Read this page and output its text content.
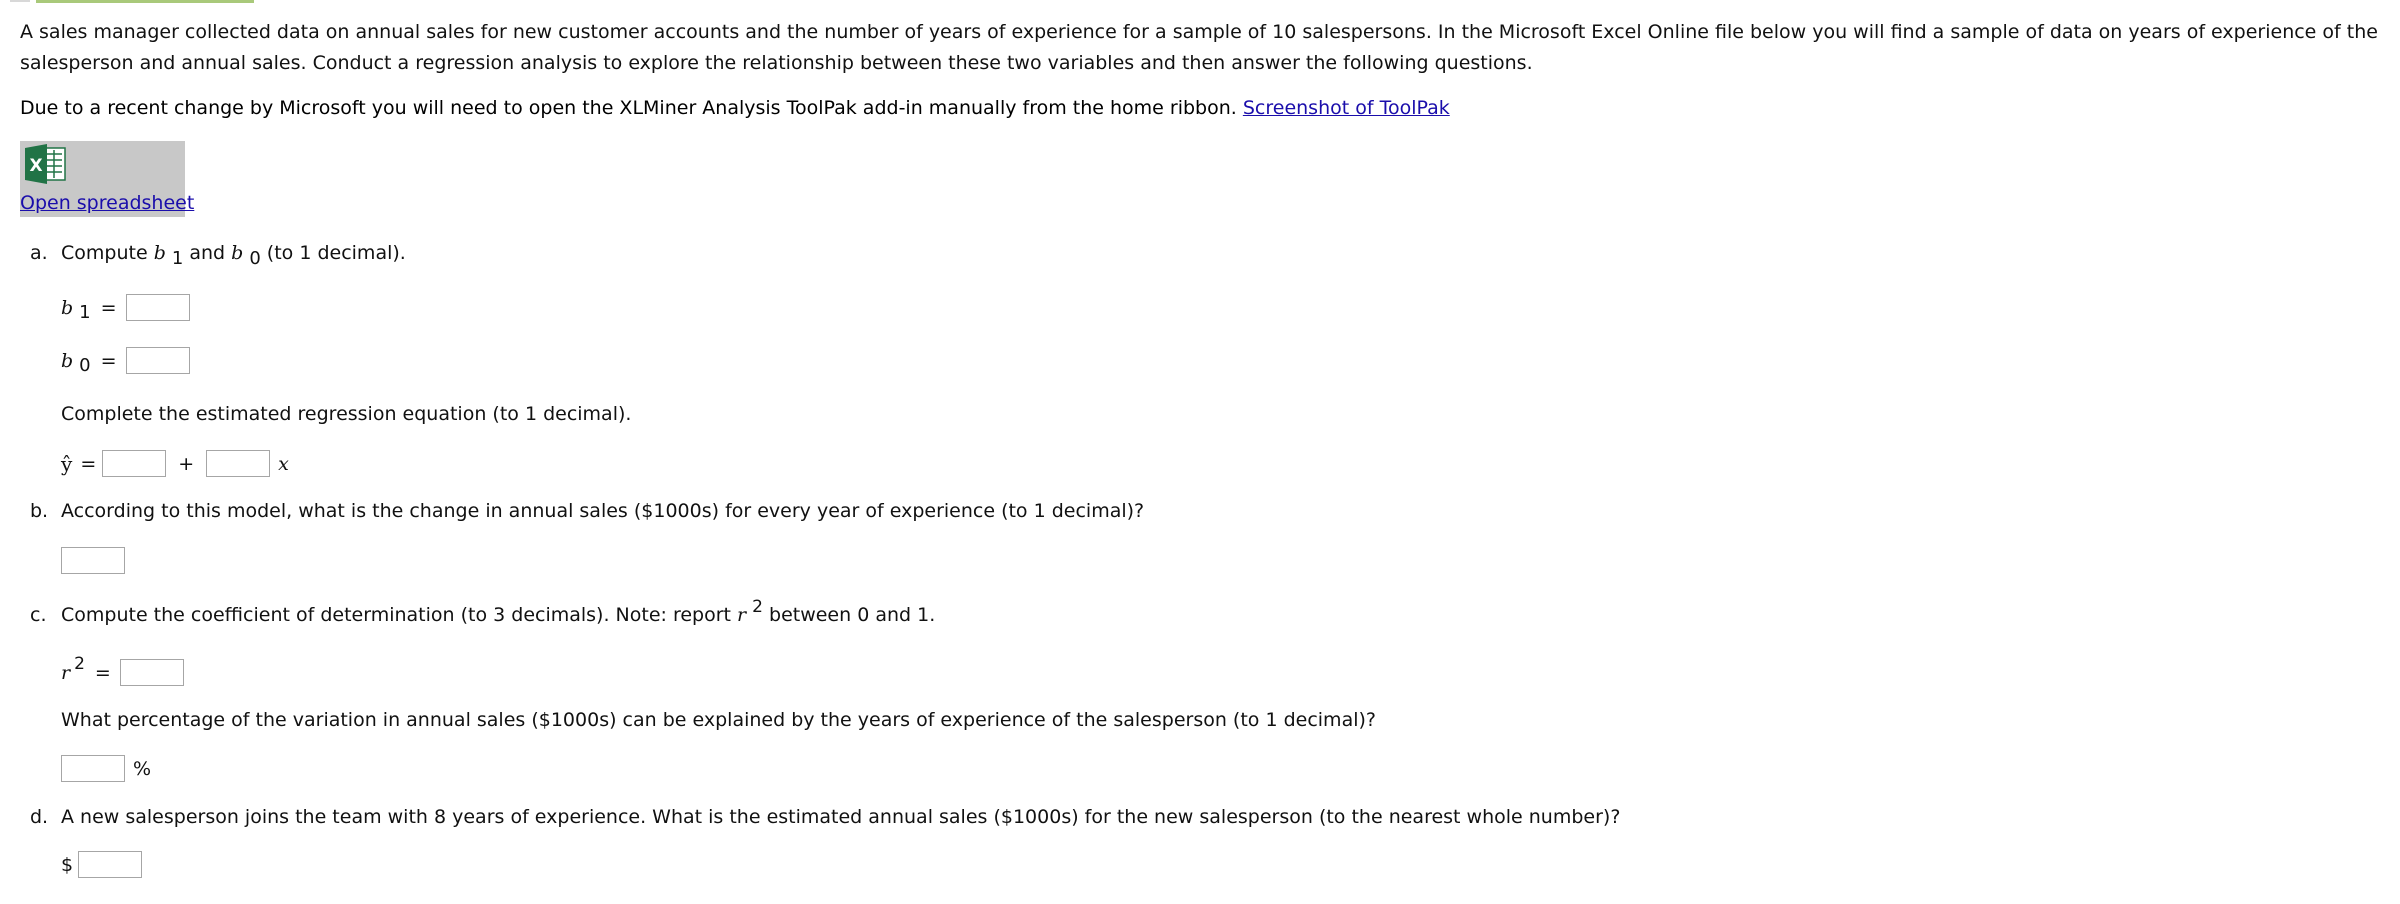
A sales manager collected data on annual sales for new customer accounts and the number of years of experience for a sample of 10 salespersons. In the Microsoft Excel Online file below you will find a sample of data on years of experience of the salesperson and annual sales. Conduct a regression analysis to explore the relationship between these two variables and then answer the following questions.

Due to a recent change by Microsoft you will need to open the XLMiner Analysis ToolPak add-in manually from the home ribbon. Screenshot of ToolPak

X
Open spreadsheet
a. Compute b 1 and b 0 (to 1 decimal).
b 1 =
b 0 =
Complete the estimated regression equation (to 1 decimal).
ŷ =	+	x
b. According to this model, what is the change in annual sales ($1000s) for every year of experience (to 1 decimal)?
c. Compute the coefficient of determination (to 3 decimals). Note: report r 2 between 0 and 1.
r 2 =
What percentage of the variation in annual sales ($1000s) can be explained by the years of experience of the salesperson (to 1 decimal)?
%
d. A new salesperson joins the team with 8 years of experience. What is the estimated annual sales ($1000s) for the new salesperson (to the nearest whole number)?
$
